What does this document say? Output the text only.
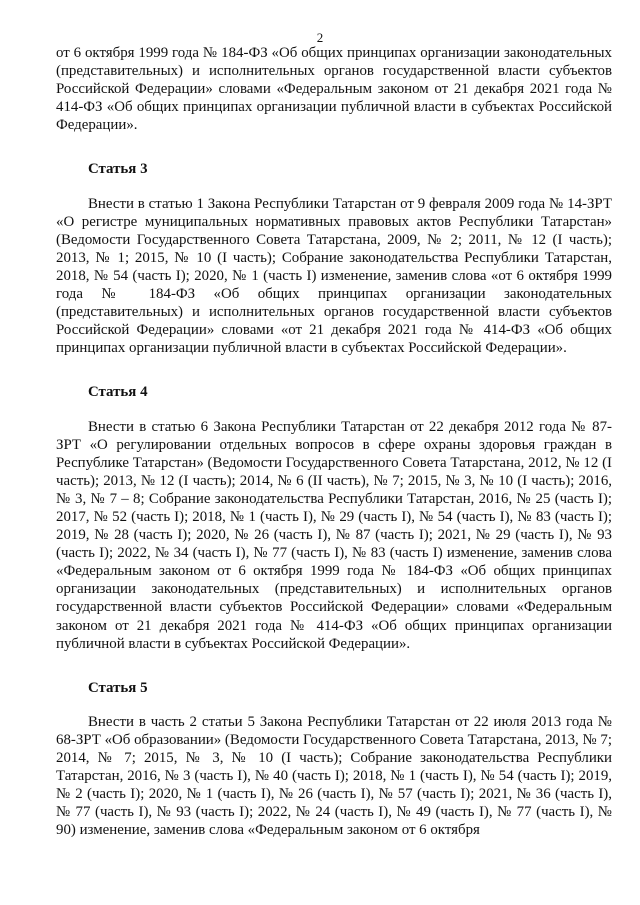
2

от 6 октября 1999 года № 184-ФЗ «Об общих принципах организации законодательных (представительных) и исполнительных органов государственной власти субъектов Российской Федерации» словами «Федеральным законом от 21 декабря 2021 года № 414-ФЗ «Об общих принципах организации публичной власти в субъектах Российской Федерации».

Статья 3

Внести в статью 1 Закона Республики Татарстан от 9 февраля 2009 года № 14-ЗРТ «О регистре муниципальных нормативных правовых актов Республики Татарстан» (Ведомости Государственного Совета Татарстана, 2009, № 2; 2011, № 12 (I часть); 2013, № 1; 2015, № 10 (I часть); Собрание законодательства Республики Татарстан, 2018, № 54 (часть I); 2020, № 1 (часть I) изменение, заменив слова «от 6 октября 1999 года № 184-ФЗ «Об общих принципах организации законодательных (представительных) и исполнительных органов государственной власти субъектов Российской Федерации» словами «от 21 декабря 2021 года № 414-ФЗ «Об общих принципах организации публичной власти в субъектах Российской Федерации».

Статья 4

Внести в статью 6 Закона Республики Татарстан от 22 декабря 2012 года № 87-ЗРТ «О регулировании отдельных вопросов в сфере охраны здоровья граждан в Республике Татарстан» (Ведомости Государственного Совета Татарстана, 2012, № 12 (I часть); 2013, № 12 (I часть); 2014, № 6 (II часть), № 7; 2015, № 3, № 10 (I часть); 2016, № 3, № 7 – 8; Собрание законодательства Республики Татарстан, 2016, № 25 (часть I); 2017, № 52 (часть I); 2018, № 1 (часть I), № 29 (часть I), № 54 (часть I), № 83 (часть I); 2019, № 28 (часть I); 2020, № 26 (часть I), № 87 (часть I); 2021, № 29 (часть I), № 93 (часть I); 2022, № 34 (часть I), № 77 (часть I), № 83 (часть I) изменение, заменив слова «Федеральным законом от 6 октября 1999 года № 184-ФЗ «Об общих принципах организации законодательных (представительных) и исполнительных органов государственной власти субъектов Российской Федерации» словами «Федеральным законом от 21 декабря 2021 года № 414-ФЗ «Об общих принципах организации публичной власти в субъектах Российской Федерации».

Статья 5

Внести в часть 2 статьи 5 Закона Республики Татарстан от 22 июля 2013 года № 68-ЗРТ «Об образовании» (Ведомости Государственного Совета Татарстана, 2013, № 7; 2014, № 7; 2015, № 3, № 10 (I часть); Собрание законодательства Республики Татарстан, 2016, № 3 (часть I), № 40 (часть I); 2018, № 1 (часть I), № 54 (часть I); 2019, № 2 (часть I); 2020, № 1 (часть I), № 26 (часть I), № 57 (часть I); 2021, № 36 (часть I), № 77 (часть I), № 93 (часть I); 2022, № 24 (часть I), № 49 (часть I), № 77 (часть I), № 90) изменение, заменив слова «Федеральным законом от 6 октября
